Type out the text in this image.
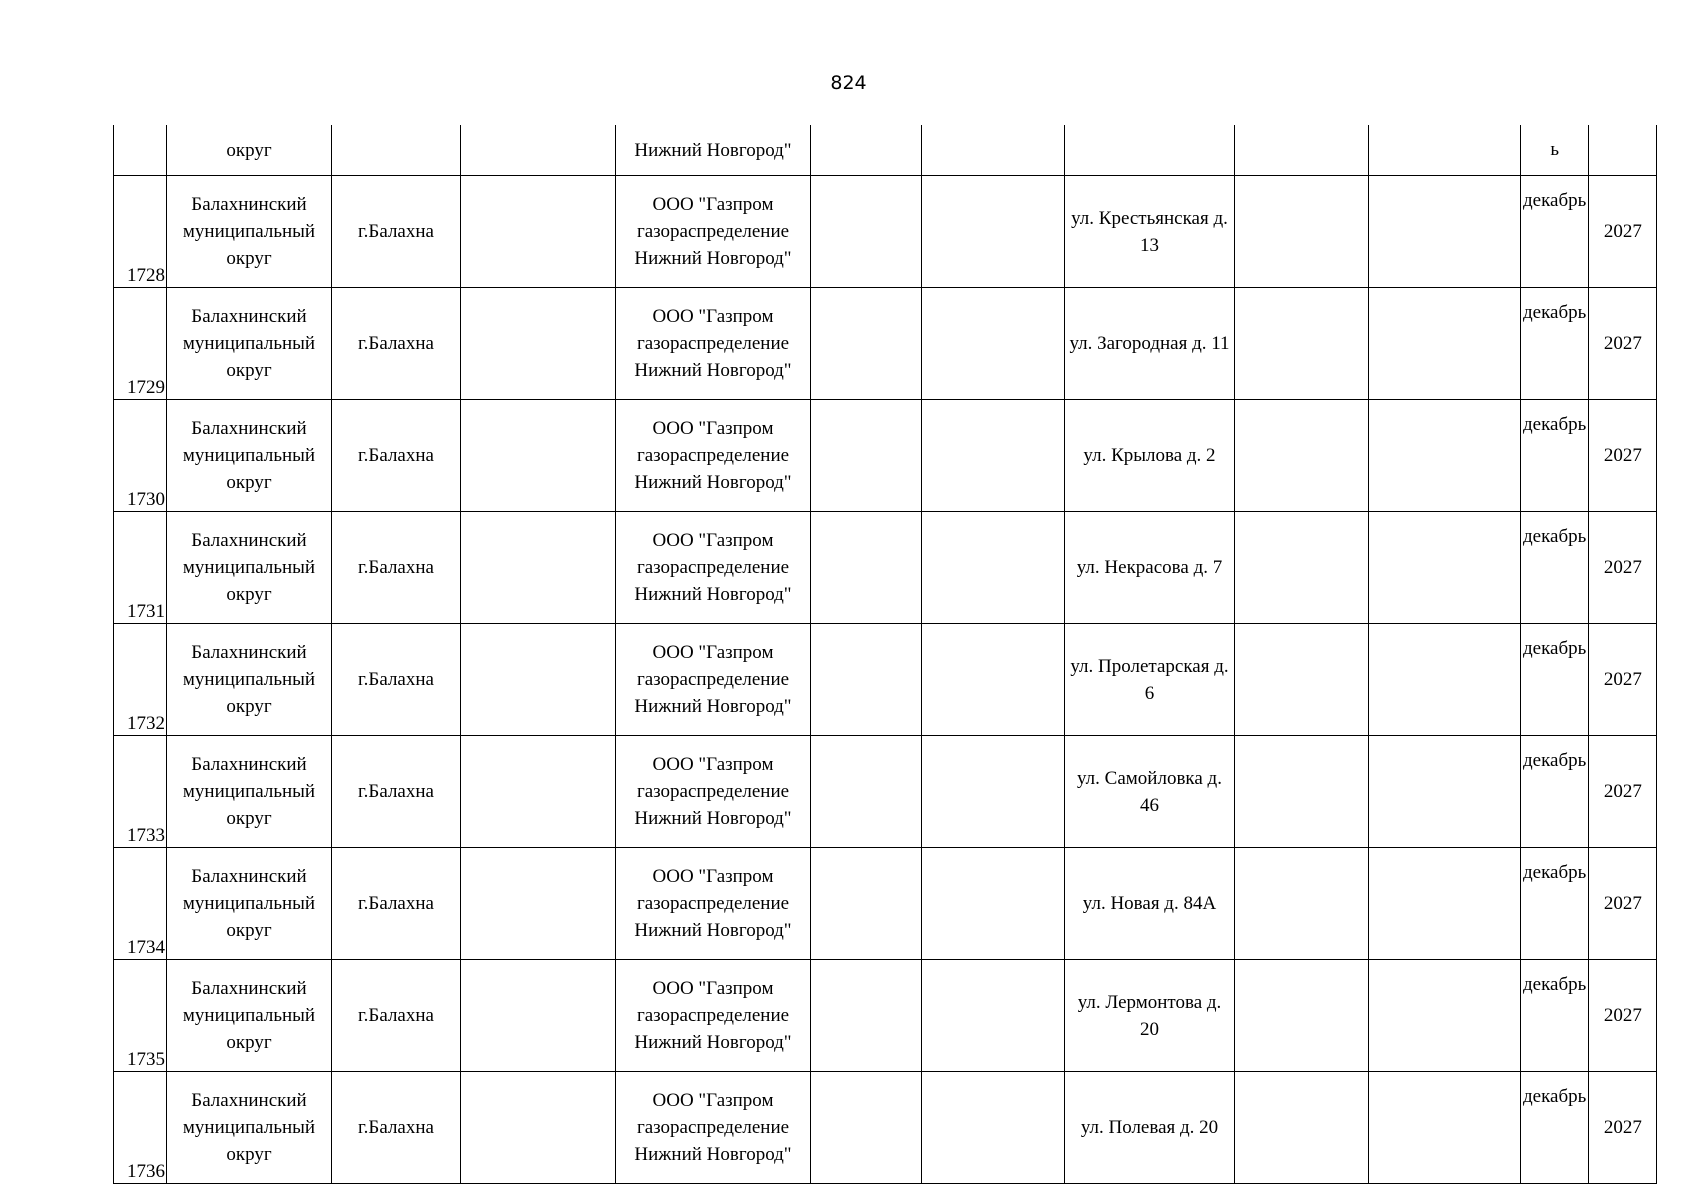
824
	округ			Нижний Новгород"						ь	
1728	Балахнинский муниципальный округ	г.Балахна		ООО "Газпром газораспределение Нижний Новгород"			ул. Крестьянская д. 13			декабрь	2027
1729	Балахнинский муниципальный округ	г.Балахна		ООО "Газпром газораспределение Нижний Новгород"			ул. Загородная д. 11			декабрь	2027
1730	Балахнинский муниципальный округ	г.Балахна		ООО "Газпром газораспределение Нижний Новгород"			ул. Крылова д. 2			декабрь	2027
1731	Балахнинский муниципальный округ	г.Балахна		ООО "Газпром газораспределение Нижний Новгород"			ул. Некрасова д. 7			декабрь	2027
1732	Балахнинский муниципальный округ	г.Балахна		ООО "Газпром газораспределение Нижний Новгород"			ул. Пролетарская д. 6			декабрь	2027
1733	Балахнинский муниципальный округ	г.Балахна		ООО "Газпром газораспределение Нижний Новгород"			ул. Самойловка д. 46			декабрь	2027
1734	Балахнинский муниципальный округ	г.Балахна		ООО "Газпром газораспределение Нижний Новгород"			ул. Новая д. 84А			декабрь	2027
1735	Балахнинский муниципальный округ	г.Балахна		ООО "Газпром газораспределение Нижний Новгород"			ул. Лермонтова д. 20			декабрь	2027
1736	Балахнинский муниципальный округ	г.Балахна		ООО "Газпром газораспределение Нижний Новгород"			ул. Полевая д. 20			декабрь	2027
